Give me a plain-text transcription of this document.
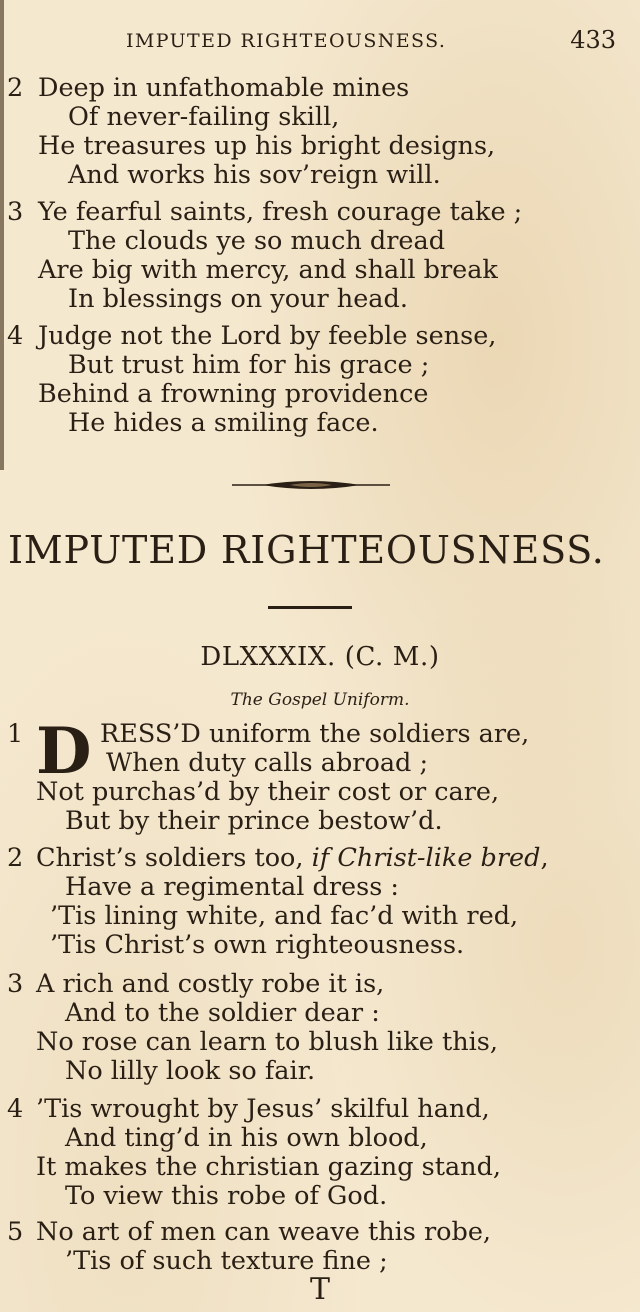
IMPUTED RIGHTEOUSNESS.	433
2 Deep in unfathomable mines
Of never-failing skill,
He treasures up his bright designs,
And works his sov’reign will.
3 Ye fearful saints, fresh courage take ;
The clouds ye so much dread
Are big with mercy, and shall break
In blessings on your head.
4 Judge not the Lord by feeble sense,
But trust him for his grace ;
Behind a frowning providence
He hides a smiling face.
IMPUTED RIGHTEOUSNESS.
DLXXXIX. (C. M.)
The Gospel Uniform.
1	RESS’D uniform the soldiers are,
When duty calls abroad ;

Not purchas’d by their cost or care,
But by their prince bestow’d.
D
2 Christ’s soldiers too, if Christ-like bred,
Have a regimental dress :
’Tis lining white, and fac’d with red,
’Tis Christ’s own righteousness.
3 A rich and costly robe it is,
And to the soldier dear :
No rose can learn to blush like this,
No lilly look so fair.
4 ’Tis wrought by Jesus’ skilful hand,
And ting’d in his own blood,
It makes the christian gazing stand,
To view this robe of God.
5 No art of men can weave this robe,
’Tis of such texture fine ;
T
